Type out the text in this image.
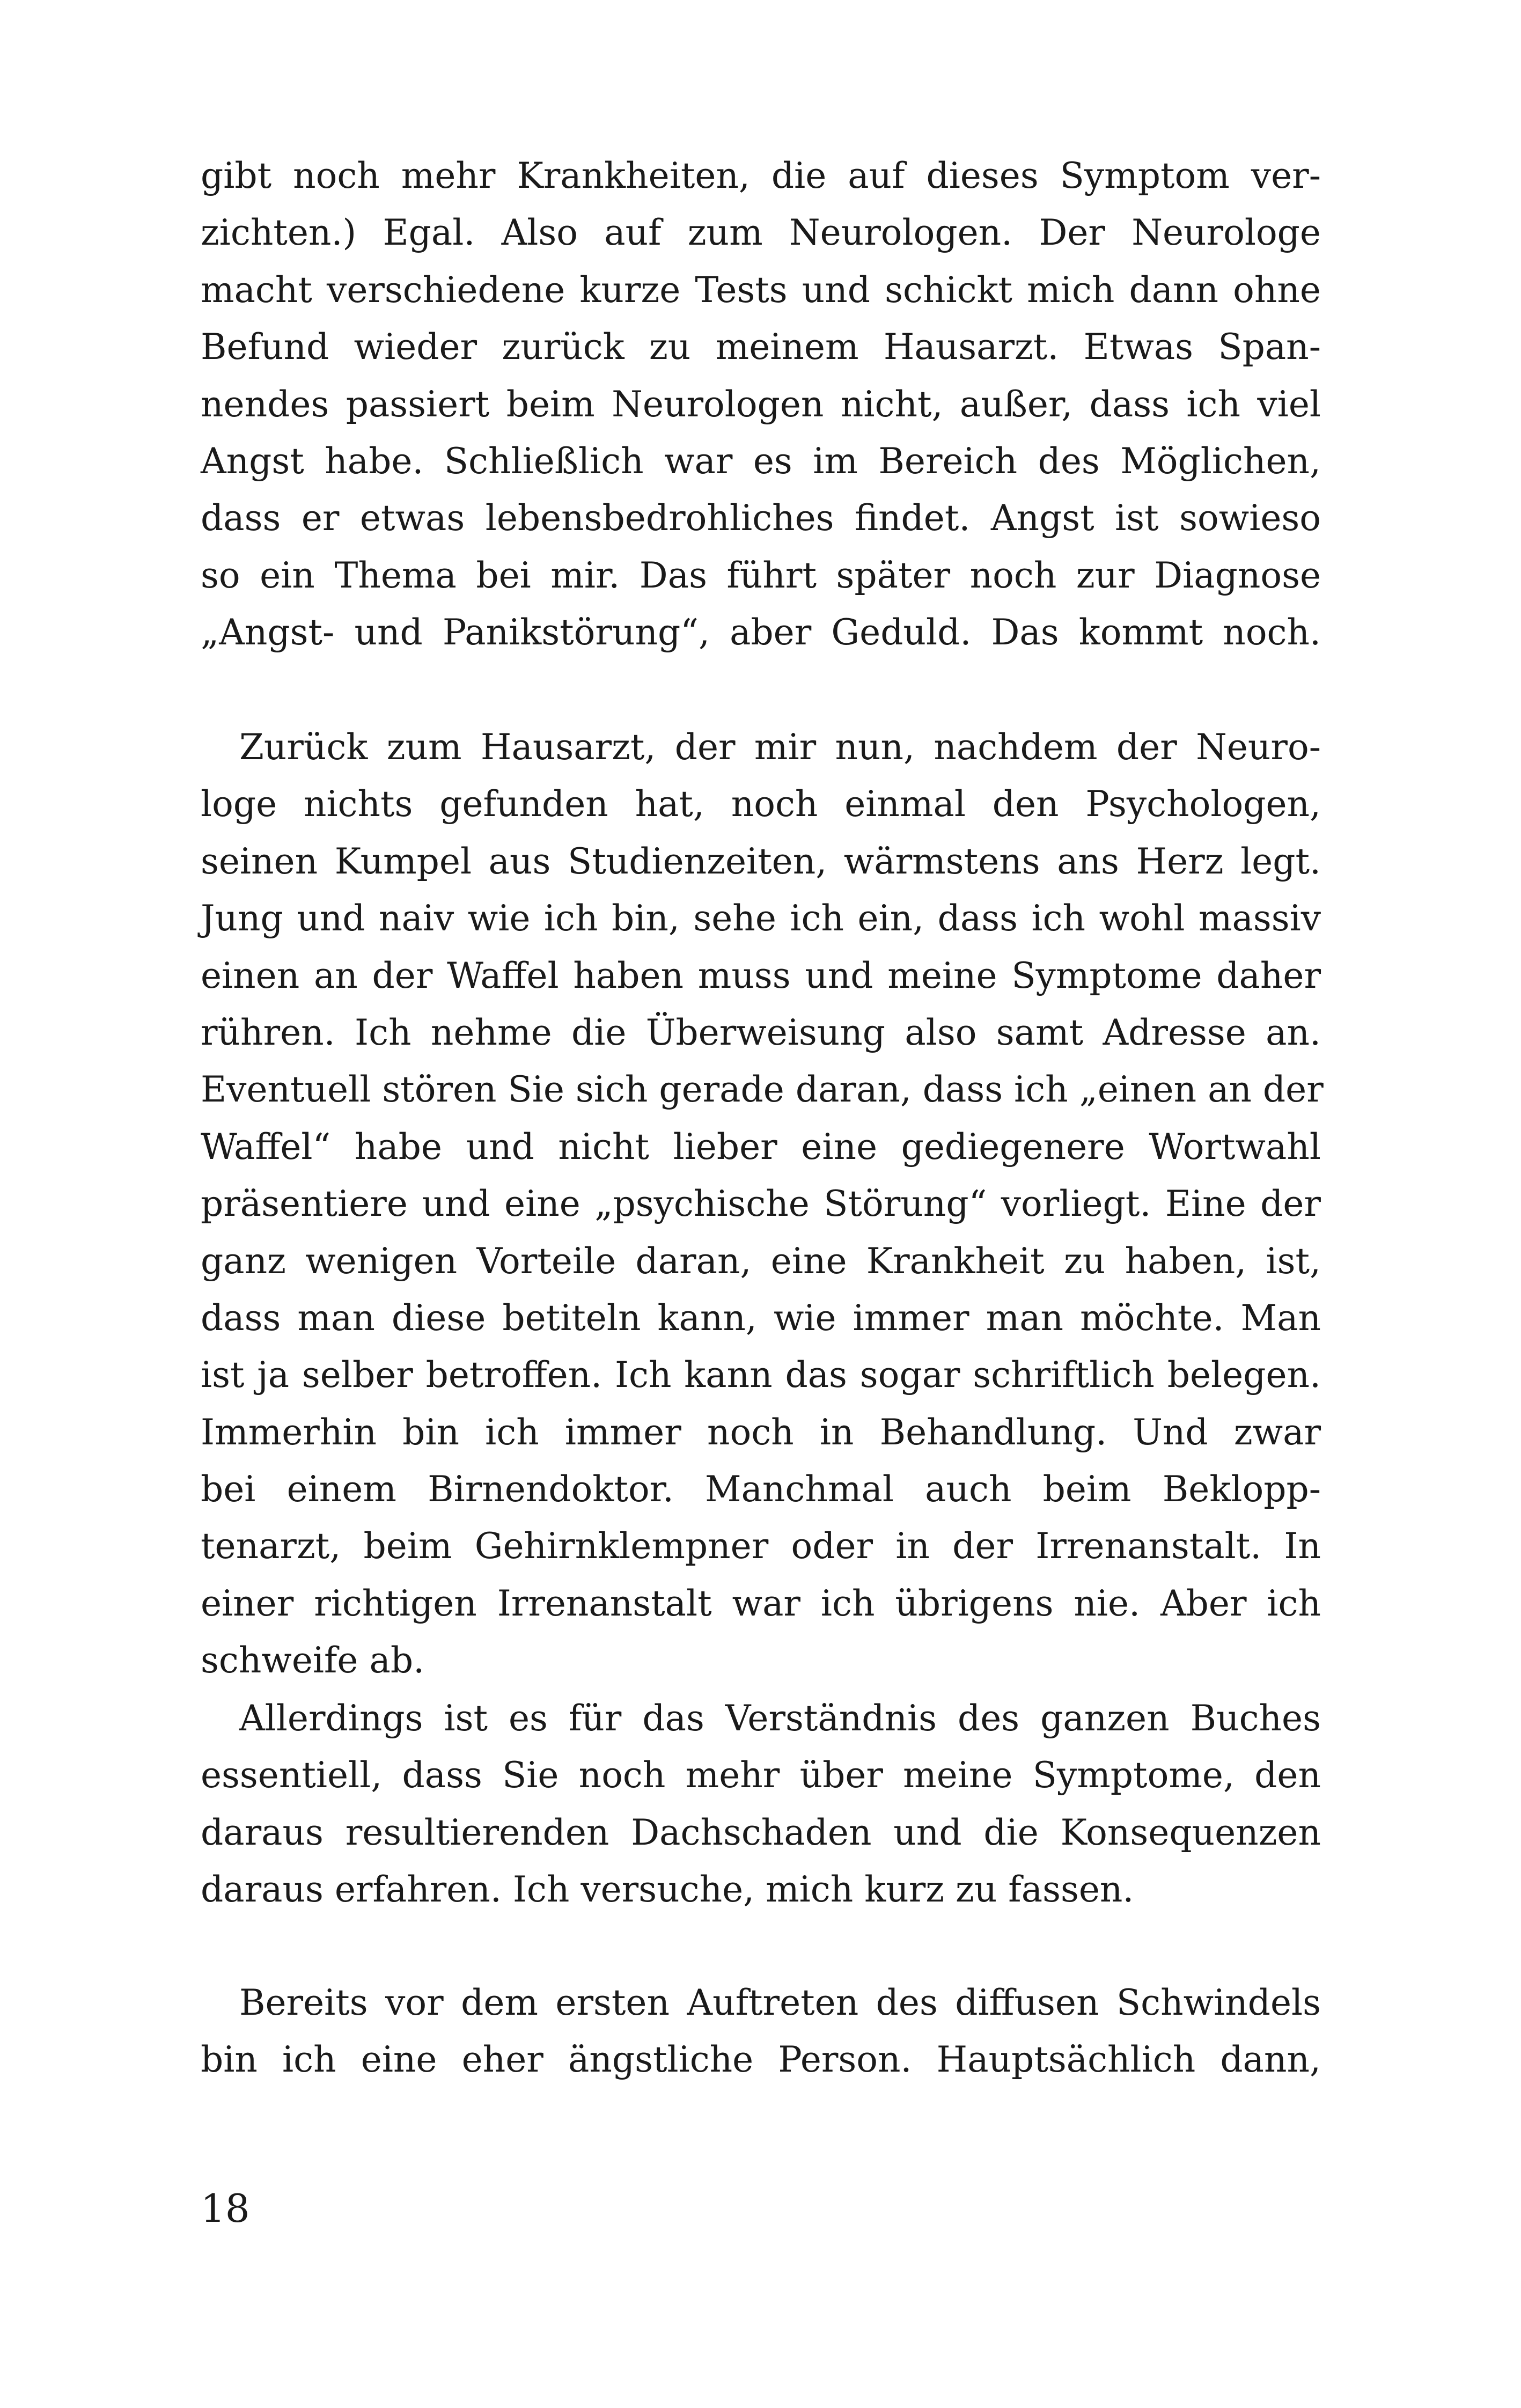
gibt noch mehr Krankheiten, die auf dieses Symptom ver-
zichten.) Egal. Also auf zum Neurologen. Der Neurologe
macht verschiedene kurze Tests und schickt mich dann ohne
Befund wieder zurück zu meinem Hausarzt. Etwas Span-
nendes passiert beim Neurologen nicht, außer, dass ich viel
Angst habe. Schließlich war es im Bereich des Möglichen,
dass er etwas lebensbedrohliches findet. Angst ist sowieso
so ein Thema bei mir. Das führt später noch zur Diagnose
„Angst- und Panikstörung“, aber Geduld. Das kommt noch.
Zurück zum Hausarzt, der mir nun, nachdem der Neuro-
loge nichts gefunden hat, noch einmal den Psychologen,
seinen Kumpel aus Studienzeiten, wärmstens ans Herz legt.
Jung und naiv wie ich bin, sehe ich ein, dass ich wohl massiv
einen an der Waffel haben muss und meine Symptome daher
rühren. Ich nehme die Überweisung also samt Adresse an.
Eventuell stören Sie sich gerade daran, dass ich „einen an der
Waffel“ habe und nicht lieber eine gediegenere Wortwahl
präsentiere und eine „psychische Störung“ vorliegt. Eine der
ganz wenigen Vorteile daran, eine Krankheit zu haben, ist,
dass man diese betiteln kann, wie immer man möchte. Man
ist ja selber betroffen. Ich kann das sogar schriftlich belegen.
Immerhin bin ich immer noch in Behandlung. Und zwar
bei einem Birnendoktor. Manchmal auch beim Beklopp-
tenarzt, beim Gehirnklempner oder in der Irrenanstalt. In
einer richtigen Irrenanstalt war ich übrigens nie. Aber ich
schweife ab.
Allerdings ist es für das Verständnis des ganzen Buches
essentiell, dass Sie noch mehr über meine Symptome, den
daraus resultierenden Dachschaden und die Konsequenzen
daraus erfahren. Ich versuche, mich kurz zu fassen.
Bereits vor dem ersten Auftreten des diffusen Schwindels
bin ich eine eher ängstliche Person. Hauptsächlich dann,
18
